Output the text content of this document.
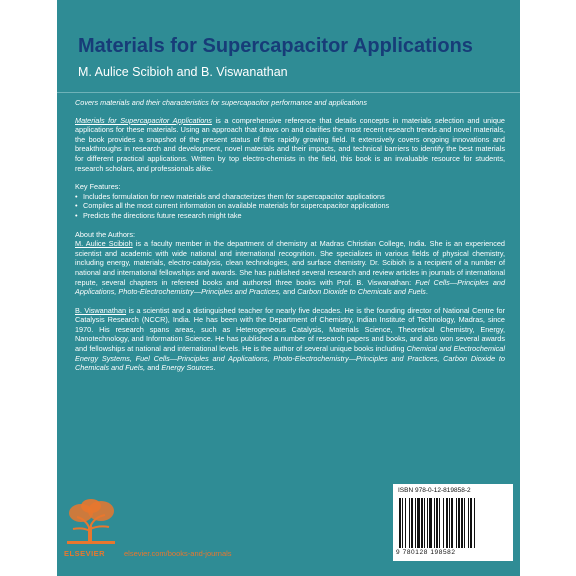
Materials for Supercapacitor Applications
M. Aulice Scibioh and B. Viswanathan

Covers materials and their characteristics for supercapacitor performance and applications

Materials for Supercapacitor Applications is a comprehensive reference that details concepts in materials selection and unique applications for these materials. Using an approach that draws on and clarifies the most recent research trends and novel materials, the book provides a snapshot of the present status of this rapidly growing field. It extensively covers ongoing innovations and breakthroughs in research and development, novel materials and their impacts, and technical barriers to identify the best materials for different practical applications. Written by top electro-chemists in the field, this book is an invaluable resource for students, research scholars, and professionals alike.

Key Features:

• Includes formulation for new materials and characterizes them for supercapacitor applications
• Compiles all the most current information on available materials for supercapacitor applications
• Predicts the directions future research might take

About the Authors:
M. Aulice Scibioh is a faculty member in the department of chemistry at Madras Christian College, India. She is an experienced scientist and academic with wide national and international recognition. She specializes in various fields of physical chemistry, including energy, materials, electro-catalysis, clean technologies, and surface chemistry. Dr. Scibioh is a recipient of a number of national and international fellowships and awards. She has published several research and review articles in journals of international repute, several chapters in refereed books and authored three books with Prof. B. Viswanathan: Fuel Cells—Principles and Applications, Photo-Electrochemistry—Principles and Practices, and Carbon Dioxide to Chemicals and Fuels.

B. Viswanathan is a scientist and a distinguished teacher for nearly five decades. He is the founding director of National Centre for Catalysis Research (NCCR), India. He has been with the Department of Chemistry, Indian Institute of Technology, Madras, since 1970. His research spans areas, such as Heterogeneous Catalysis, Materials Science, Theoretical Chemistry, Energy, Nanotechnology, and Information Science. He has published a number of research papers and books, and also won several awards and fellowships at national and international levels. He is the author of several unique books including Chemical and Electrochemical Energy Systems, Fuel Cells—Principles and Applications, Photo-Electrochemistry—Principles and Practices, Carbon Dioxide to Chemicals and Fuels, and Energy Sources.

ELSEVIER	elsevier.com/books-and-journals
ISBN 978-0-12-819858-2
9 780128 198582
